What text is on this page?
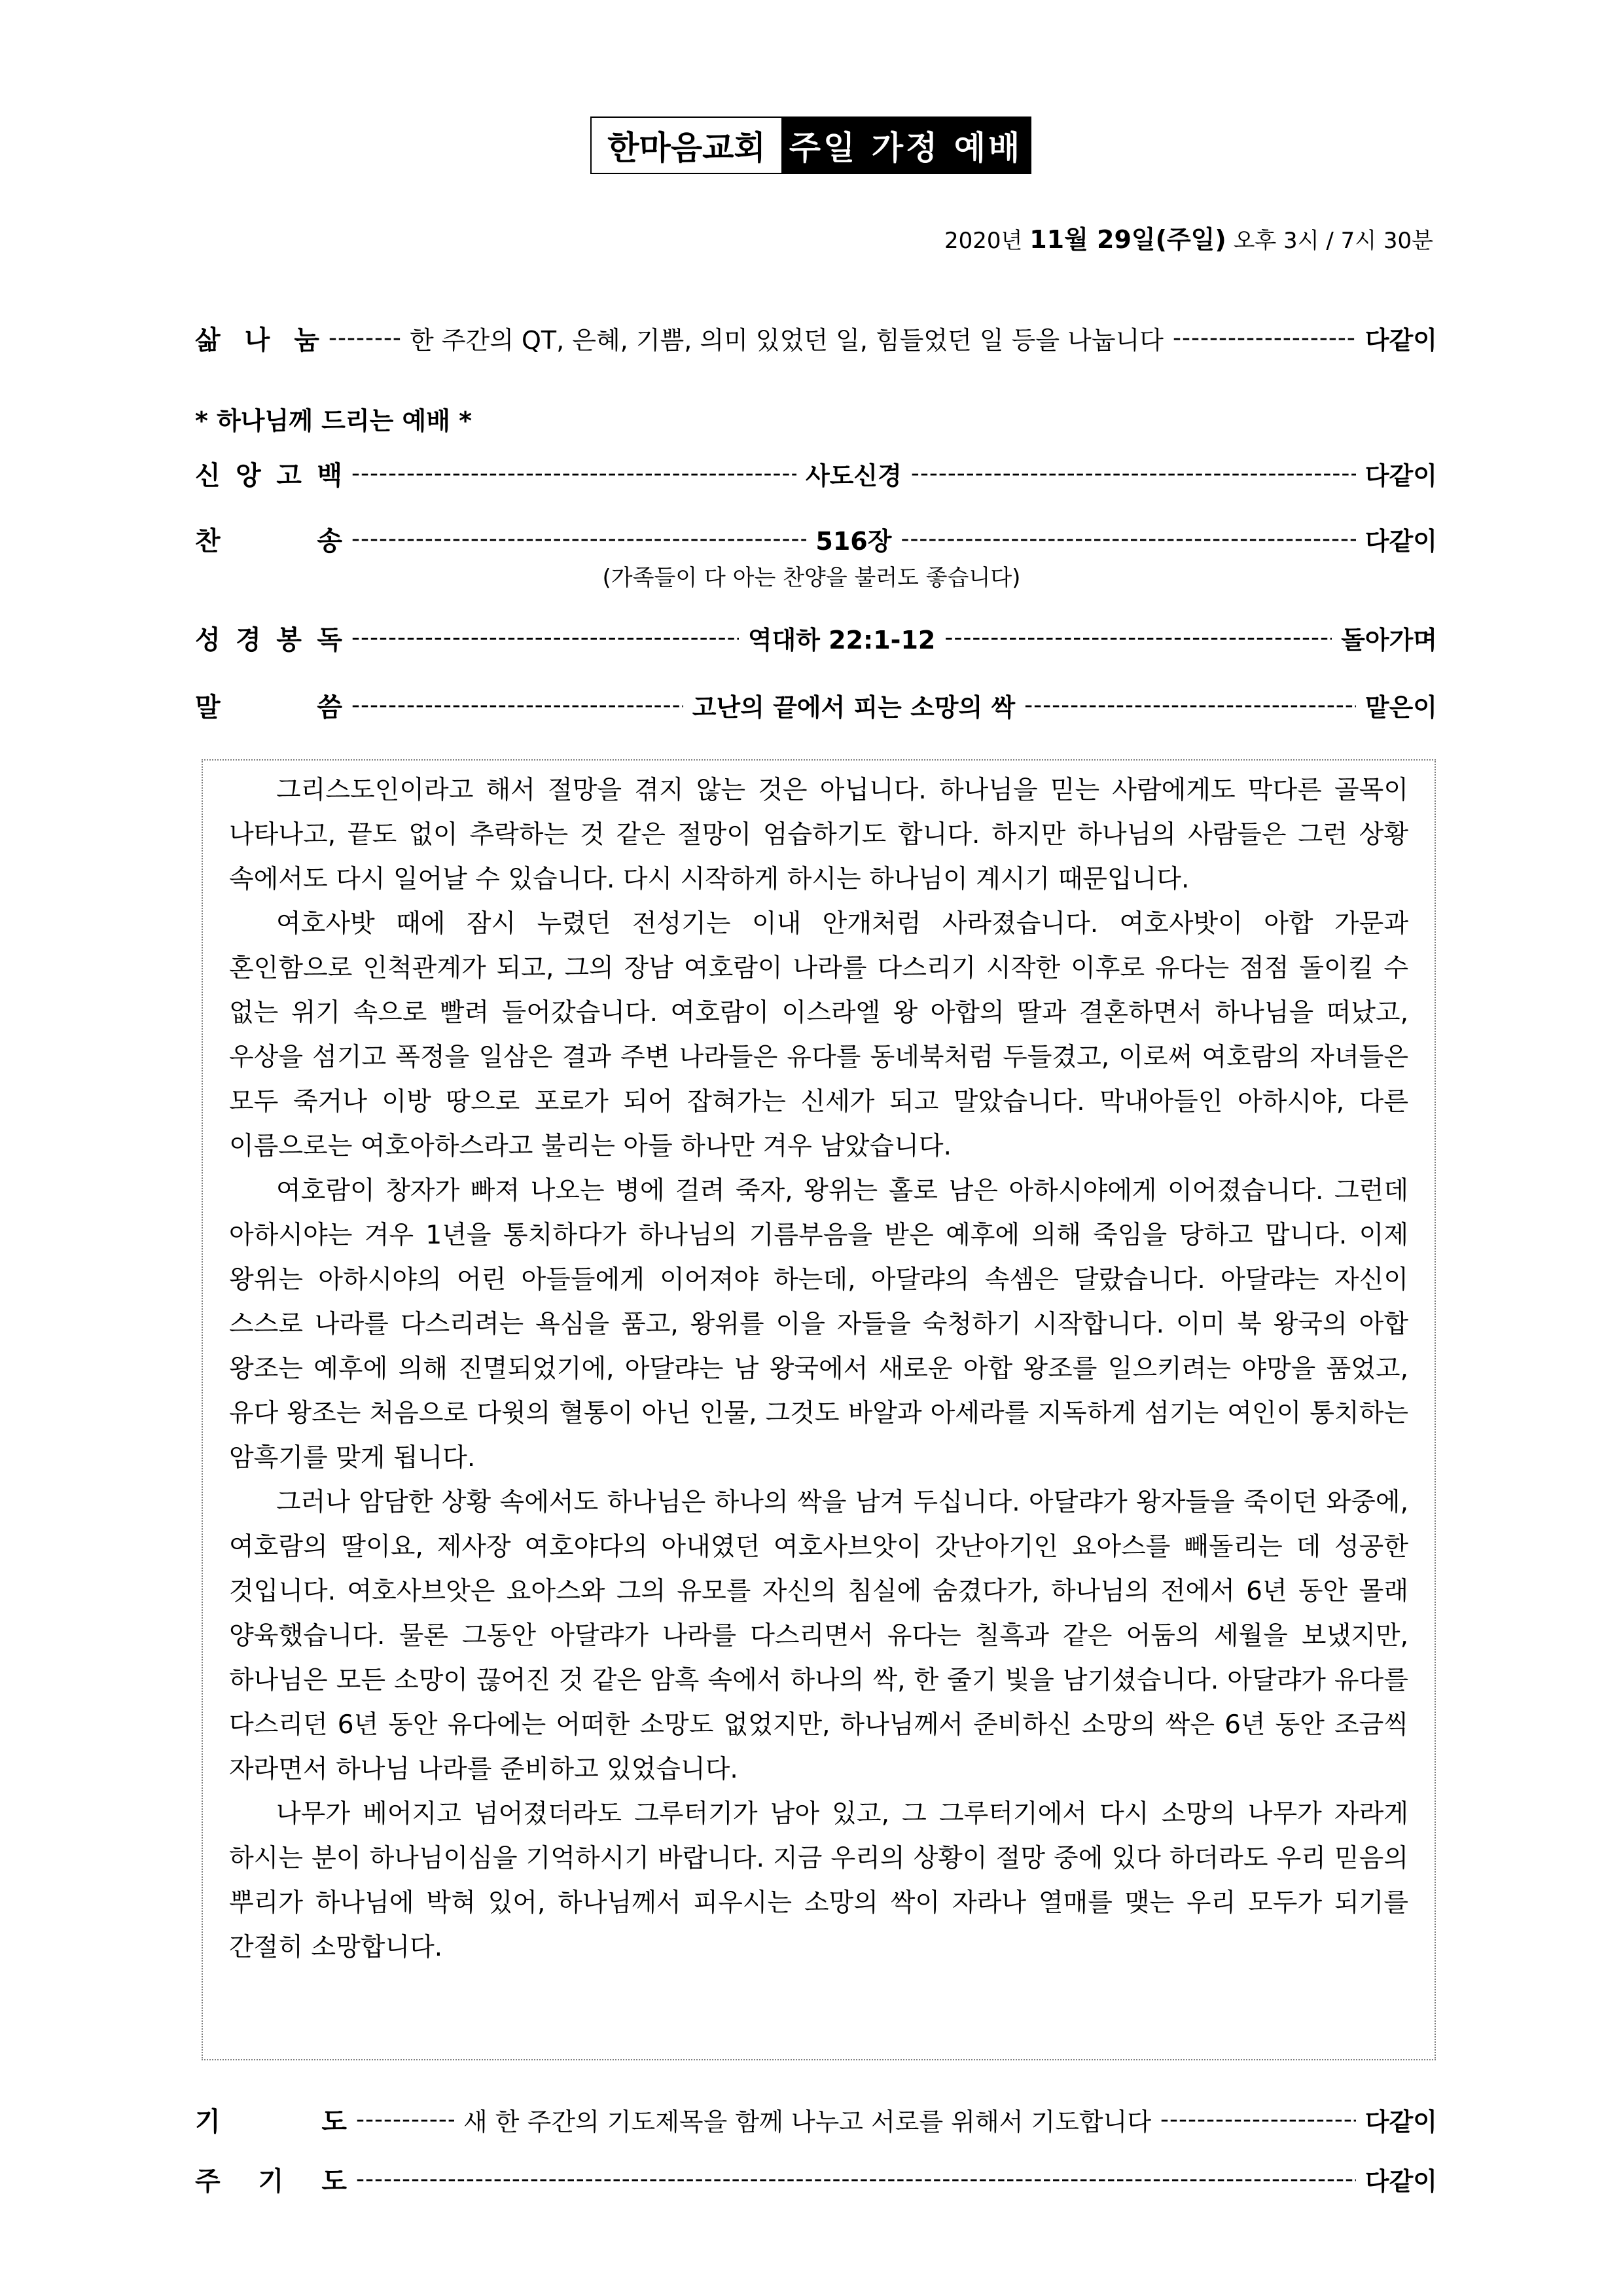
한마음교회 주일 가정 예배
2020년 11월 29일(주일) 오후 3시 / 7시 30분
삶 나 눔 -----	한 주간의 QT, 은혜, 기쁨, 의미 있었던 일, 힘들었던 일 등을 나눕니다 -----	다같이
* 하나님께 드리는 예배 *
신 앙 고 백 -----	사도신경 -----	다같이
찬	송 -----	516장 -----	다같이
(가족들이 다 아는 찬양을 불러도 좋습니다)
성 경 봉 독 -----	역대하 22:1-12 -----	돌아가며
말	씀 -----	고난의 끝에서 피는 소망의 싹 -----	맡은이

그리스도인이라고 해서 절망을 겪지 않는 것은 아닙니다. 하나님을 믿는 사람에게도 막다른 골목이 나타나고, 끝도 없이 추락하는 것 같은 절망이 엄습하기도 합니다. 하지만 하나님의 사람들은 그런 상황 속에서도 다시 일어날 수 있습니다. 다시 시작하게 하시는 하나님이 계시기 때문입니다.

여호사밧 때에 잠시 누렸던 전성기는 이내 안개처럼 사라졌습니다. 여호사밧이 아합 가문과 혼인함으로 인척관계가 되고, 그의 장남 여호람이 나라를 다스리기 시작한 이후로 유다는 점점 돌이킬 수 없는 위기 속으로 빨려 들어갔습니다. 여호람이 이스라엘 왕 아합의 딸과 결혼하면서 하나님을 떠났고, 우상을 섬기고 폭정을 일삼은 결과 주변 나라들은 유다를 동네북처럼 두들겼고, 이로써 여호람의 자녀들은 모두 죽거나 이방 땅으로 포로가 되어 잡혀가는 신세가 되고 말았습니다. 막내아들인 아하시야, 다른 이름으로는 여호아하스라고 불리는 아들 하나만 겨우 남았습니다.

여호람이 창자가 빠져 나오는 병에 걸려 죽자, 왕위는 홀로 남은 아하시야에게 이어졌습니다. 그런데 아하시야는 겨우 1년을 통치하다가 하나님의 기름부음을 받은 예후에 의해 죽임을 당하고 맙니다. 이제 왕위는 아하시야의 어린 아들들에게 이어져야 하는데, 아달랴의 속셈은 달랐습니다. 아달랴는 자신이 스스로 나라를 다스리려는 욕심을 품고, 왕위를 이을 자들을 숙청하기 시작합니다. 이미 북 왕국의 아합 왕조는 예후에 의해 진멸되었기에, 아달랴는 남 왕국에서 새로운 아합 왕조를 일으키려는 야망을 품었고, 유다 왕조는 처음으로 다윗의 혈통이 아닌 인물, 그것도 바알과 아세라를 지독하게 섬기는 여인이 통치하는 암흑기를 맞게 됩니다.

그러나 암담한 상황 속에서도 하나님은 하나의 싹을 남겨 두십니다. 아달랴가 왕자들을 죽이던 와중에, 여호람의 딸이요, 제사장 여호야다의 아내였던 여호사브앗이 갓난아기인 요아스를 빼돌리는 데 성공한 것입니다. 여호사브앗은 요아스와 그의 유모를 자신의 침실에 숨겼다가, 하나님의 전에서 6년 동안 몰래 양육했습니다. 물론 그동안 아달랴가 나라를 다스리면서 유다는 칠흑과 같은 어둠의 세월을 보냈지만, 하나님은 모든 소망이 끊어진 것 같은 암흑 속에서 하나의 싹, 한 줄기 빛을 남기셨습니다. 아달랴가 유다를 다스리던 6년 동안 유다에는 어떠한 소망도 없었지만, 하나님께서 준비하신 소망의 싹은 6년 동안 조금씩 자라면서 하나님 나라를 준비하고 있었습니다.

나무가 베어지고 넘어졌더라도 그루터기가 남아 있고, 그 그루터기에서 다시 소망의 나무가 자라게 하시는 분이 하나님이심을 기억하시기 바랍니다. 지금 우리의 상황이 절망 중에 있다 하더라도 우리 믿음의 뿌리가 하나님에 박혀 있어, 하나님께서 피우시는 소망의 싹이 자라나 열매를 맺는 우리 모두가 되기를 간절히 소망합니다.

기	도 -----	새 한 주간의 기도제목을 함께 나누고 서로를 위해서 기도합니다 -----	다같이
주 기 도 -----	다같이
